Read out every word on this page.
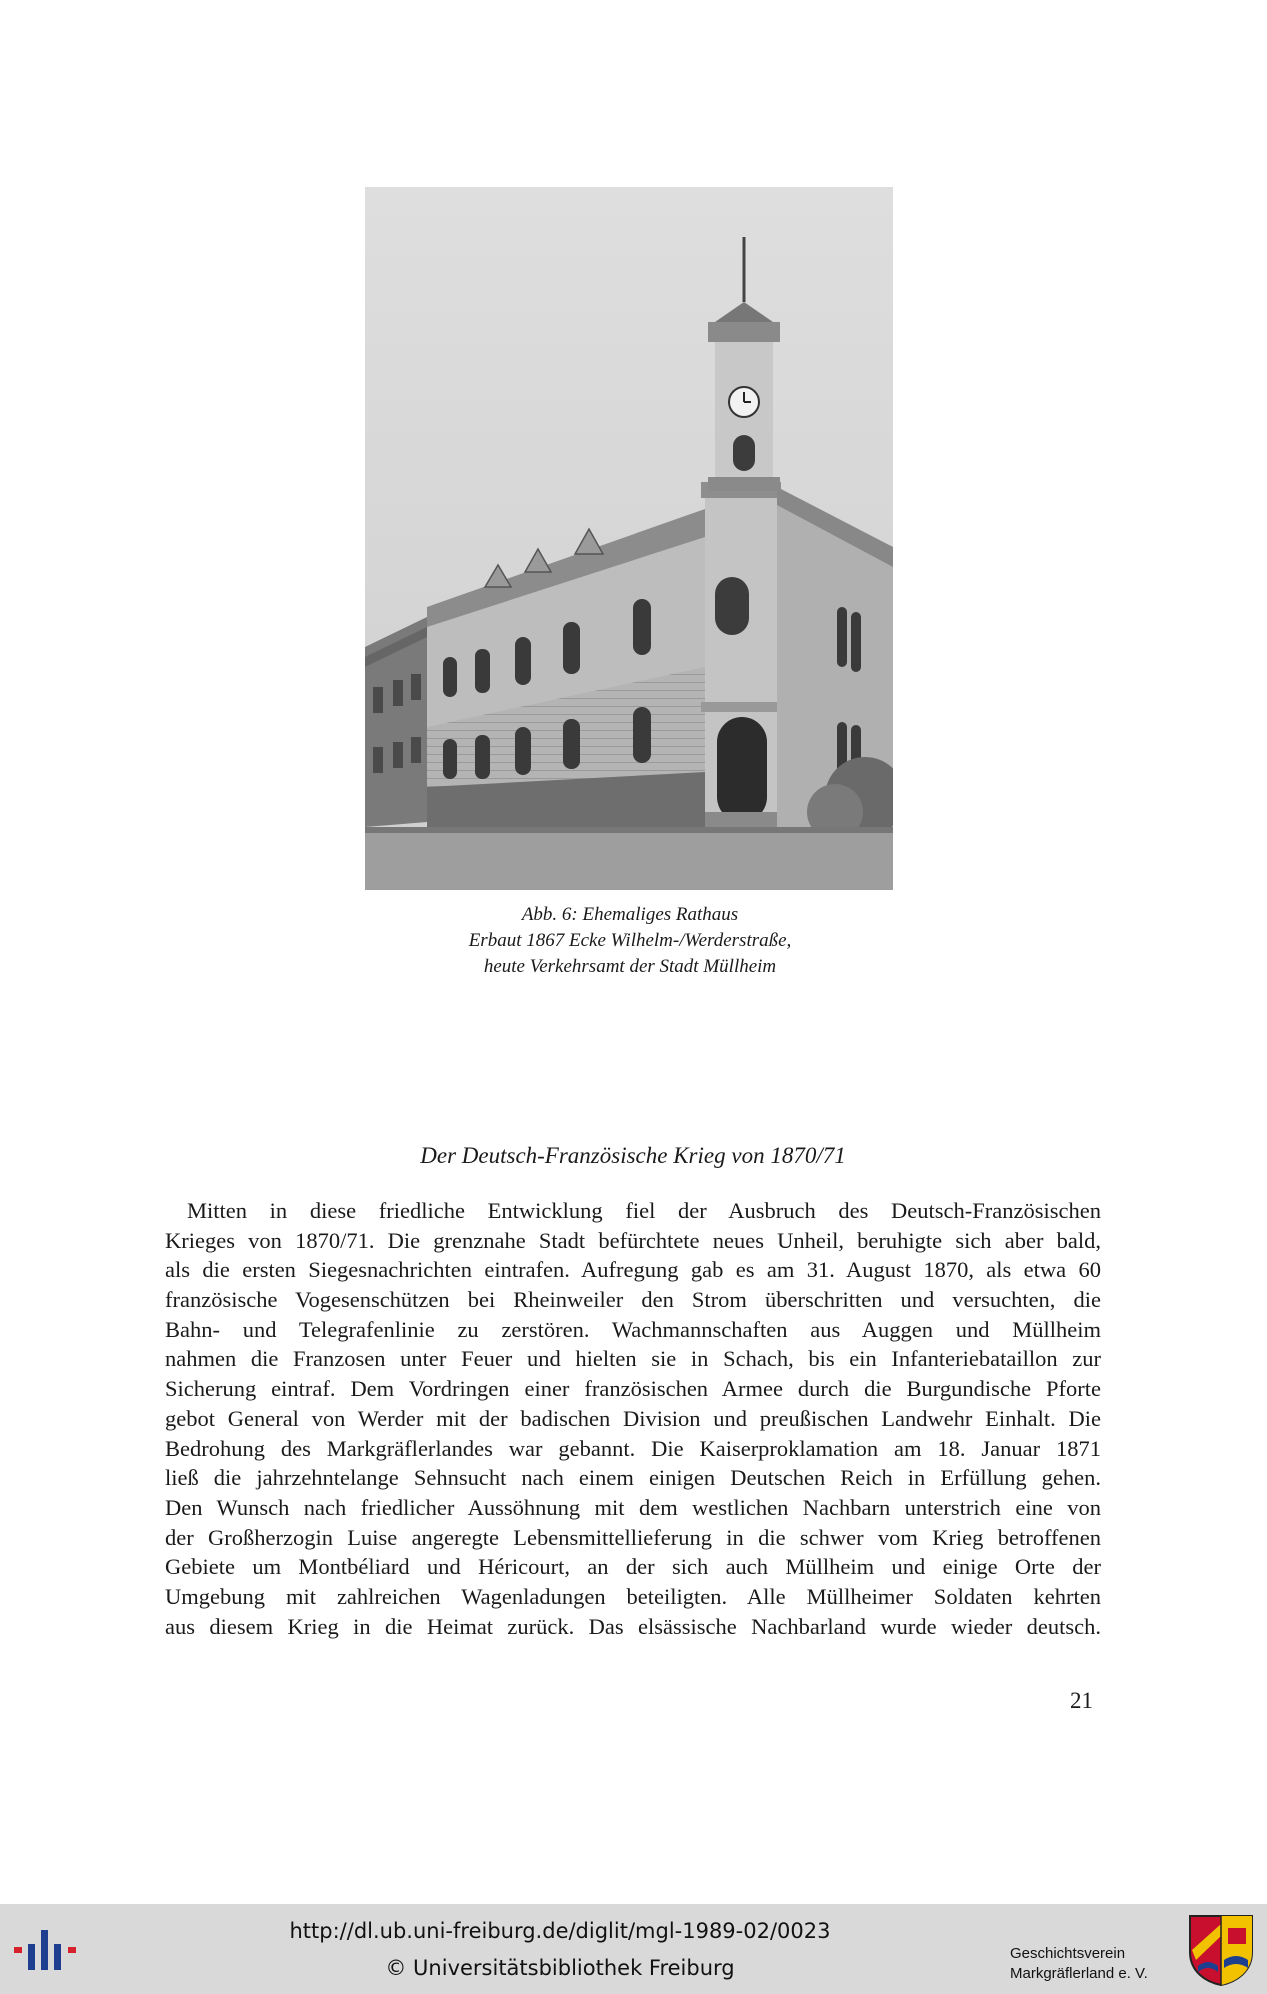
Abb. 6: Ehemaliges Rathaus
Erbaut 1867 Ecke Wilhelm-/Werderstraße,
heute Verkehrsamt der Stadt Müllheim
Der Deutsch-Französische Krieg von 1870/71
Mitten in diese friedliche Entwicklung fiel der Ausbruch des Deutsch-Französischen
Krieges von 1870/71. Die grenznahe Stadt befürchtete neues Unheil, beruhigte sich aber bald,
als die ersten Siegesnachrichten eintrafen. Aufregung gab es am 31. August 1870, als etwa 60
französische Vogesenschützen bei Rheinweiler den Strom überschritten und versuchten, die
Bahn- und Telegrafenlinie zu zerstören. Wachmannschaften aus Auggen und Müllheim
nahmen die Franzosen unter Feuer und hielten sie in Schach, bis ein Infanteriebataillon zur
Sicherung eintraf. Dem Vordringen einer französischen Armee durch die Burgundische Pforte
gebot General von Werder mit der badischen Division und preußischen Landwehr Einhalt. Die
Bedrohung des Markgräflerlandes war gebannt. Die Kaiserproklamation am 18. Januar 1871
ließ die jahrzehntelange Sehnsucht nach einem einigen Deutschen Reich in Erfüllung gehen.
Den Wunsch nach friedlicher Aussöhnung mit dem westlichen Nachbarn unterstrich eine von
der Großherzogin Luise angeregte Lebensmittellieferung in die schwer vom Krieg betroffenen
Gebiete um Montbéliard und Héricourt, an der sich auch Müllheim und einige Orte der
Umgebung mit zahlreichen Wagenladungen beteiligten. Alle Müllheimer Soldaten kehrten
aus diesem Krieg in die Heimat zurück. Das elsässische Nachbarland wurde wieder deutsch.
21
http://dl.ub.uni-freiburg.de/diglit/mgl-1989-02/0023
© Universitätsbibliothek Freiburg
Geschichtsverein
Markgräflerland e. V.
